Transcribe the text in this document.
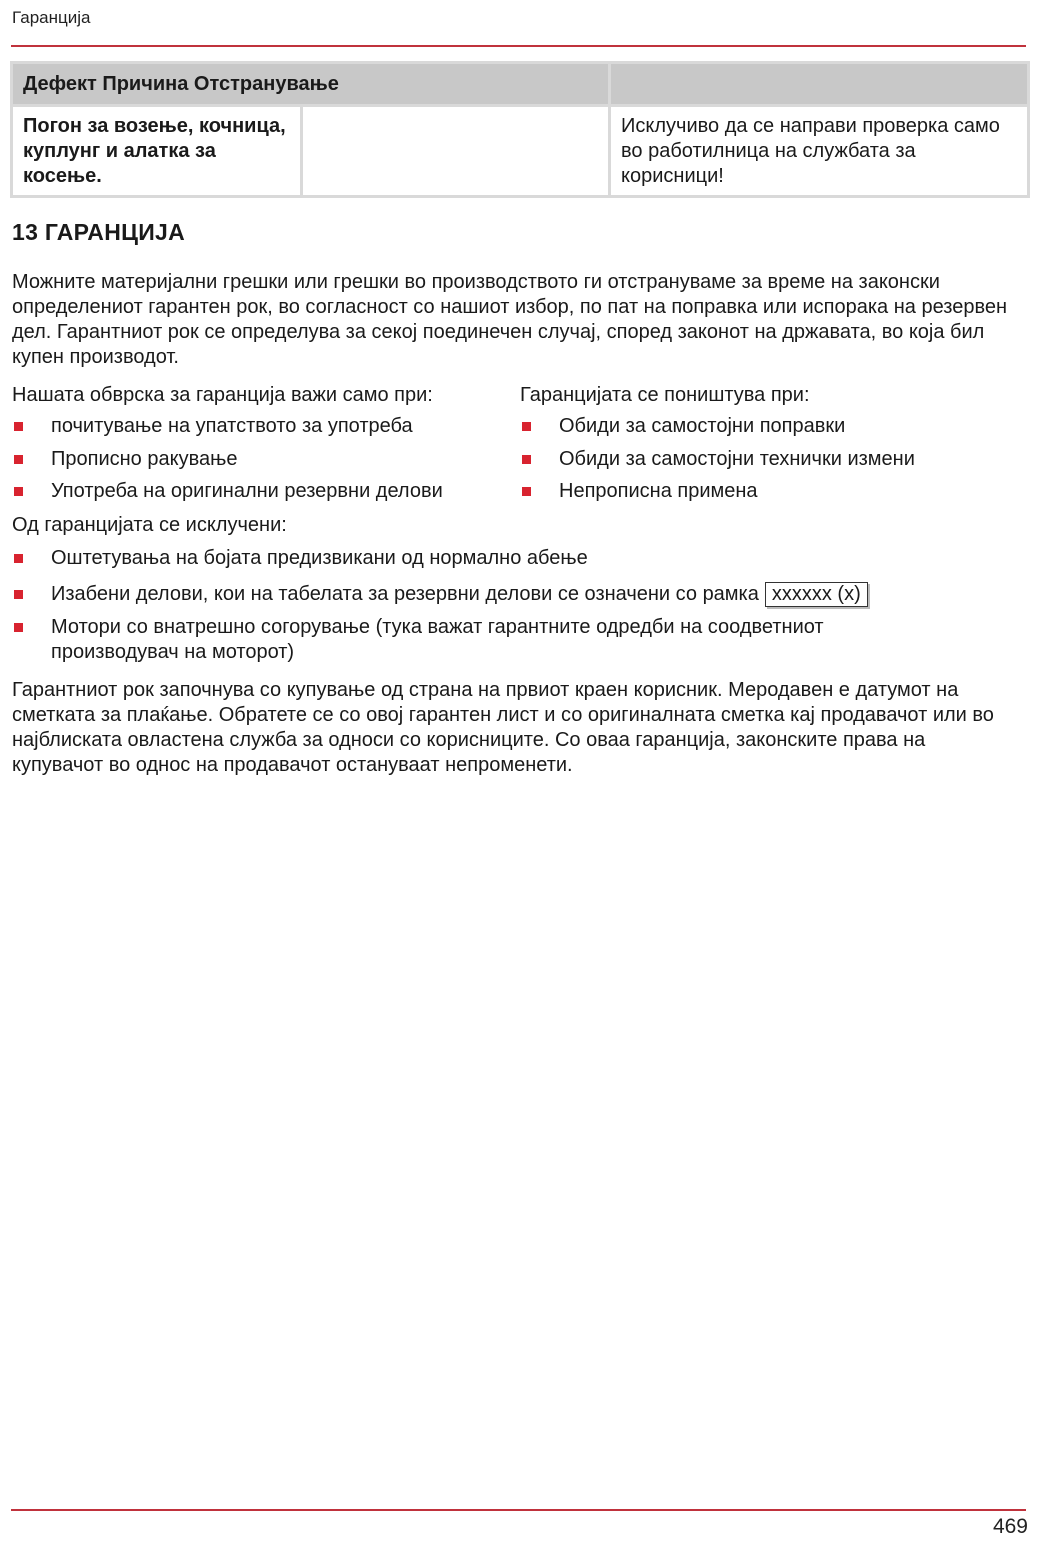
Гаранција
Дефект Причина Отстранување		
Погон за возење, кочница, куплунг и алатка за косење.		Исклучиво да се направи проверка само во работилница на службата за корисници!
13 ГАРАНЦИЈА

Можните материјални грешки или грешки во производството ги отстрануваме за време на законски определениот гарантен рок, во согласност со нашиот избор, по пат на поправка или испорака на резервен дел. Гарантниот рок се определува за секој поединечен случај, според законот на државата, во која бил купен производот.

Нашата обврска за гаранција важи само при:

почитување на упатството за употреба
Прописно ракување
Употреба на оригинални резервни делови

Гаранцијата се поништува при:

Обиди за самостојни поправки
Обиди за самостојни технички измени
Непрописна примена

Од гаранцијата се исклучени:

Оштетувања на бојата предизвикани од нормално абење
Изабени делови, кои на табелата за резервни делови се означени со рамка xxxxxx (x)
Мотори со внатрешно согорување (тука важат гарантните одредби на соодветниот производувач на моторот)

Гарантниот рок започнува со купување од страна на првиот краен корисник. Меродавен е датумот на сметката за плаќање. Обратете се со овој гарантен лист и со оригиналната сметка кај продавачот или во најблиската овластена служба за односи со корисниците. Со оваа гаранција, законските права на купувачот во однос на продавачот остануваат непроменети.

469
